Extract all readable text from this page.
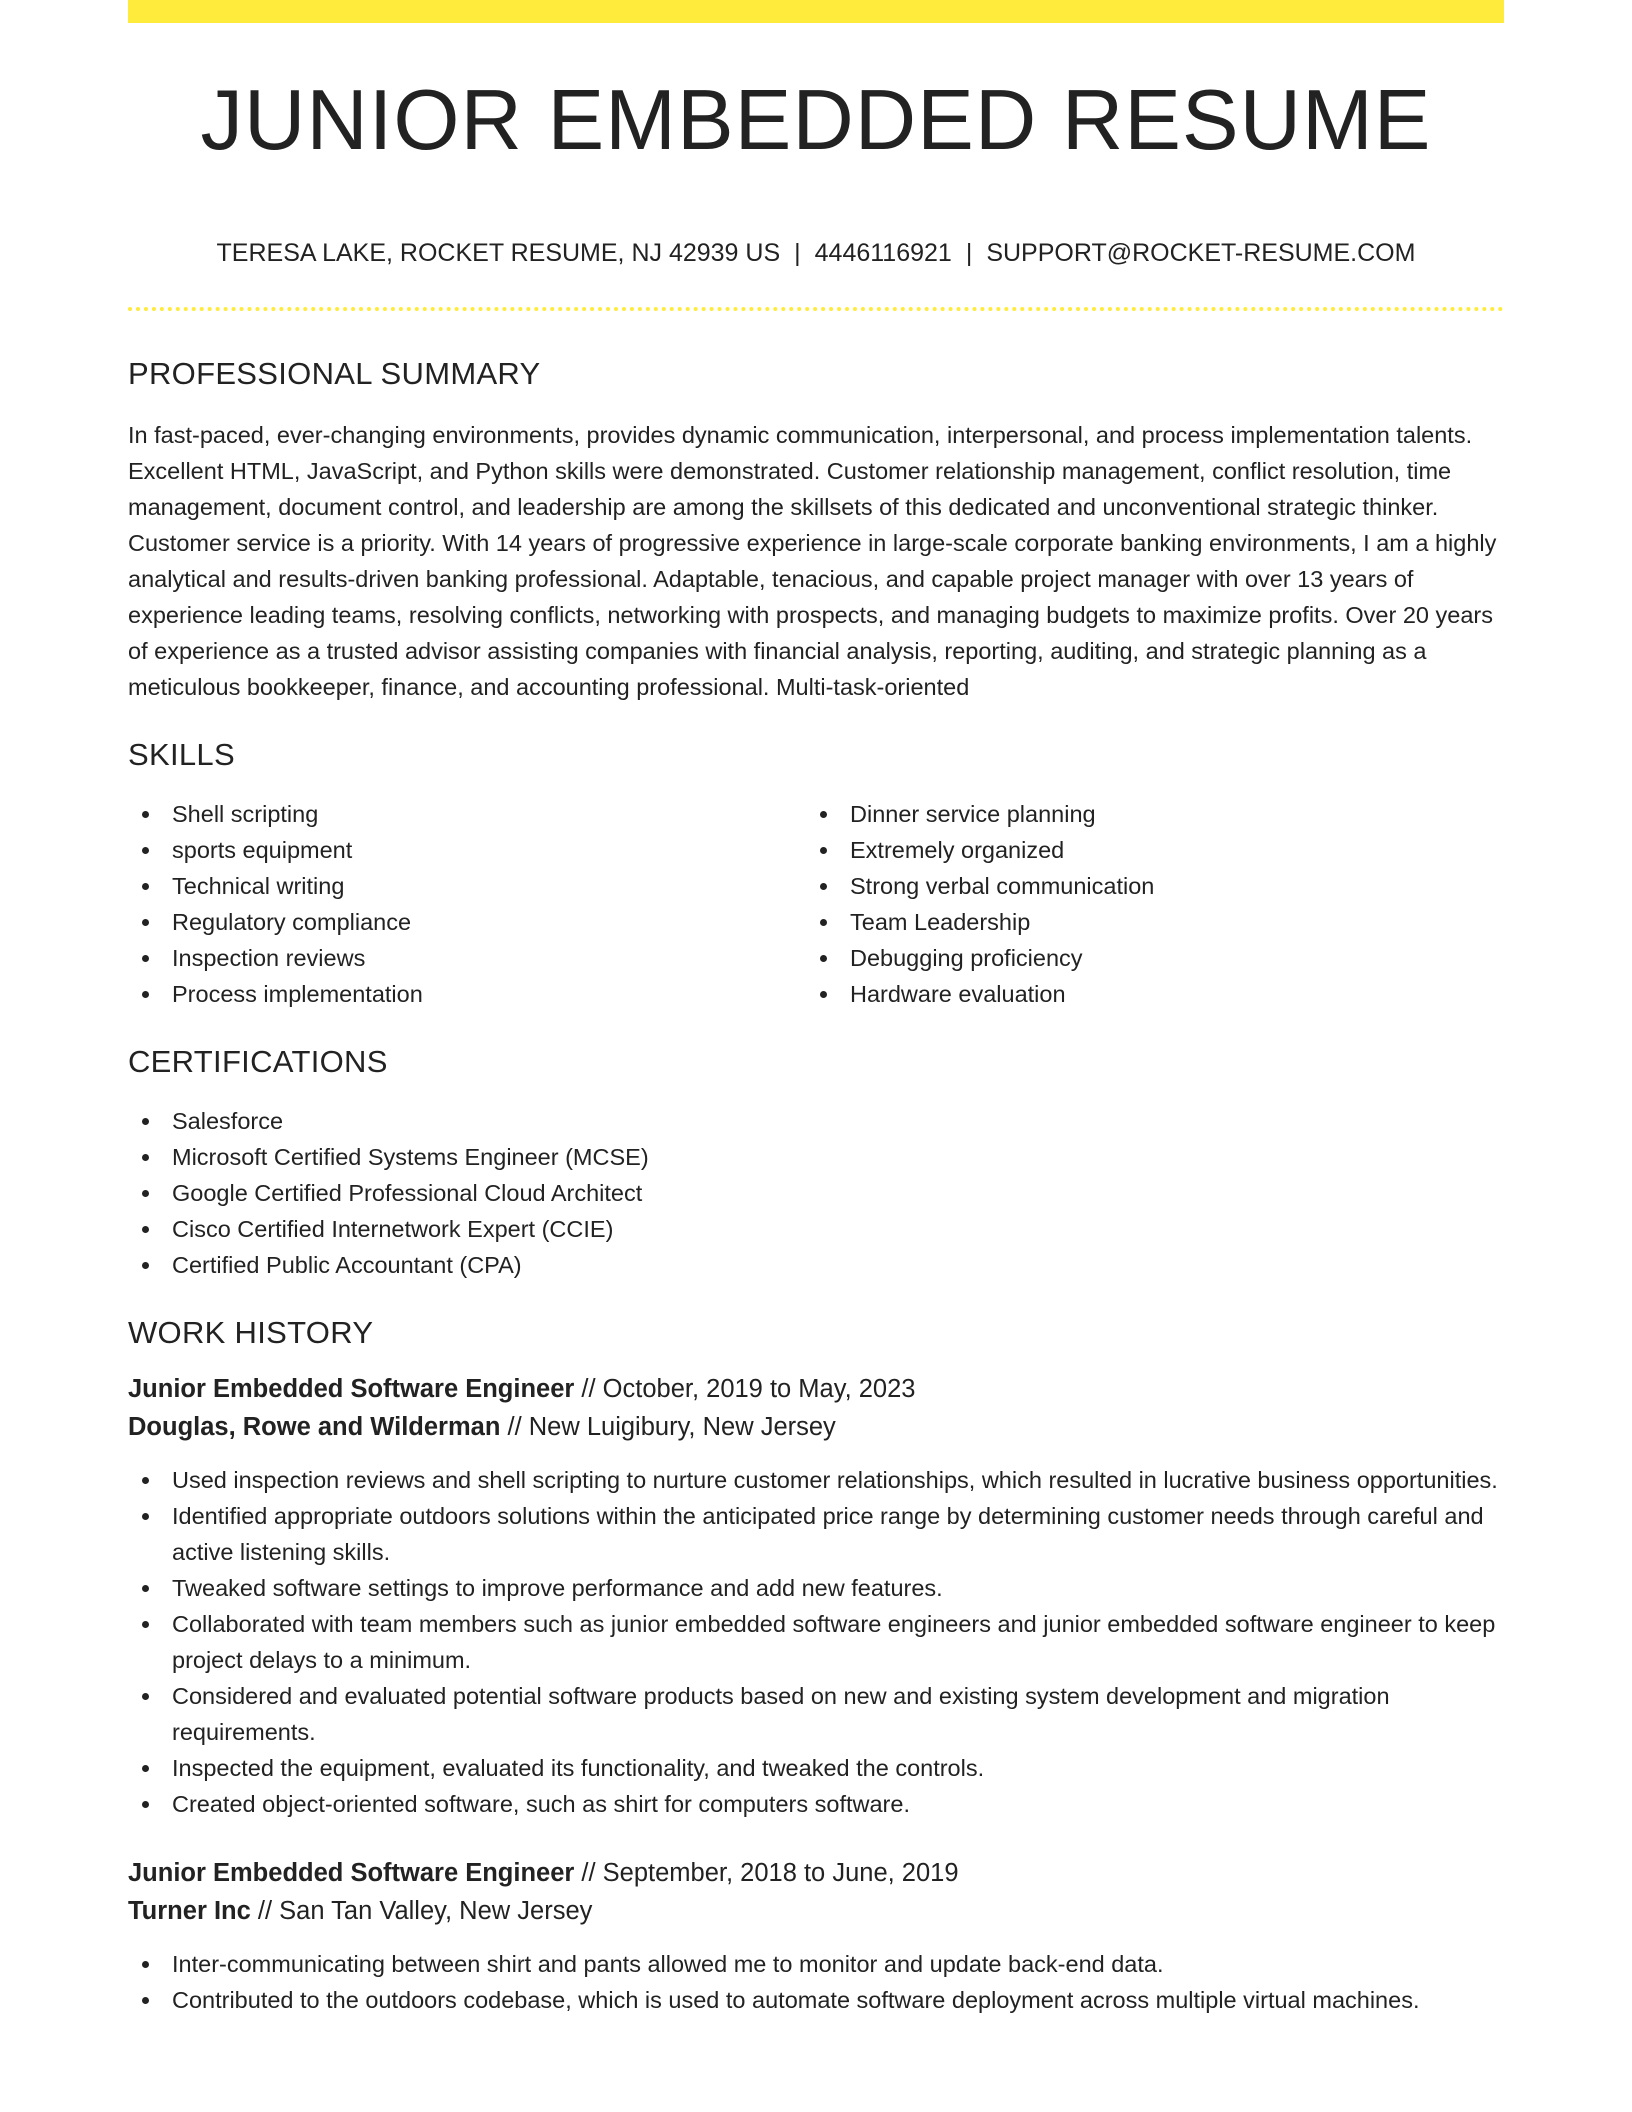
JUNIOR EMBEDDED RESUME
TERESA LAKE, ROCKET RESUME, NJ 42939 US | 4446116921 | SUPPORT@ROCKET-RESUME.COM
PROFESSIONAL SUMMARY

In fast-paced, ever-changing environments, provides dynamic communication, interpersonal, and process implementation talents. Excellent HTML, JavaScript, and Python skills were demonstrated. Customer relationship management, conflict resolution, time management, document control, and leadership are among the skillsets of this dedicated and unconventional strategic thinker. Customer service is a priority. With 14 years of progressive experience in large-scale corporate banking environments, I am a highly analytical and results-driven banking professional. Adaptable, tenacious, and capable project manager with over 13 years of experience leading teams, resolving conflicts, networking with prospects, and managing budgets to maximize profits. Over 20 years of experience as a trusted advisor assisting companies with financial analysis, reporting, auditing, and strategic planning as a meticulous bookkeeper, finance, and accounting professional. Multi-task-oriented

SKILLS
Shell scripting
sports equipment
Technical writing
Regulatory compliance
Inspection reviews
Process implementation
Dinner service planning
Extremely organized
Strong verbal communication
Team Leadership
Debugging proficiency
Hardware evaluation
CERTIFICATIONS
Salesforce
Microsoft Certified Systems Engineer (MCSE)
Google Certified Professional Cloud Architect
Cisco Certified Internetwork Expert (CCIE)
Certified Public Accountant (CPA)
WORK HISTORY
Junior Embedded Software Engineer // October, 2019 to May, 2023
Douglas, Rowe and Wilderman // New Luigibury, New Jersey
Used inspection reviews and shell scripting to nurture customer relationships, which resulted in lucrative business opportunities.
Identified appropriate outdoors solutions within the anticipated price range by determining customer needs through careful and active listening skills.
Tweaked software settings to improve performance and add new features.
Collaborated with team members such as junior embedded software engineers and junior embedded software engineer to keep project delays to a minimum.
Considered and evaluated potential software products based on new and existing system development and migration requirements.
Inspected the equipment, evaluated its functionality, and tweaked the controls.
Created object-oriented software, such as shirt for computers software.
Junior Embedded Software Engineer // September, 2018 to June, 2019
Turner Inc // San Tan Valley, New Jersey
Inter-communicating between shirt and pants allowed me to monitor and update back-end data.
Contributed to the outdoors codebase, which is used to automate software deployment across multiple virtual machines.
